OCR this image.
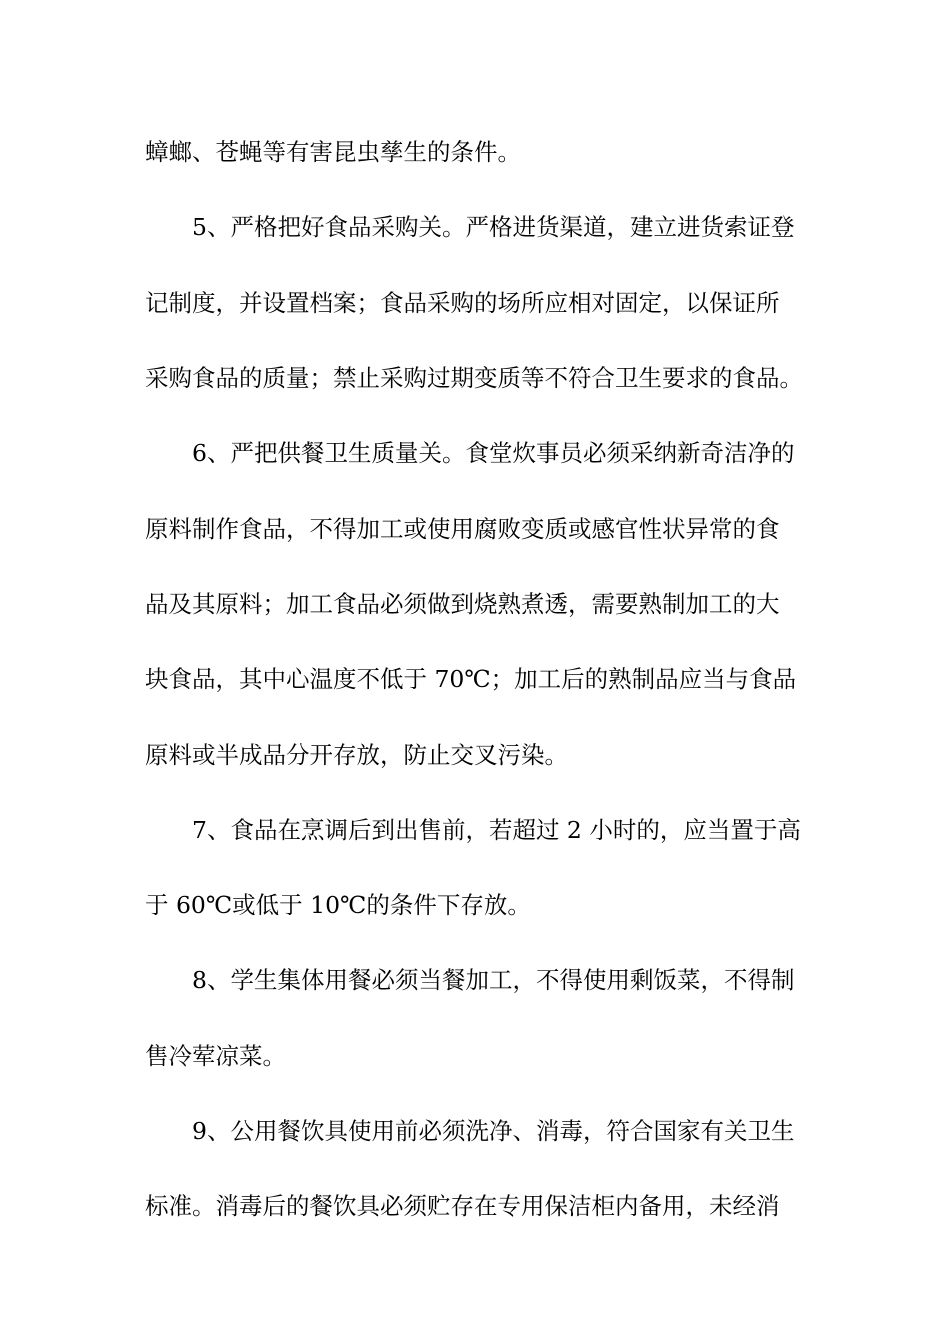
蟑螂、苍蝇等有害昆虫孳生的条件。
5、严格把好食品采购关。严格进货渠道，建立进货索证登
记制度，并设置档案；食品采购的场所应相对固定，以保证所
采购食品的质量；禁止采购过期变质等不符合卫生要求的食品。
6、严把供餐卫生质量关。食堂炊事员必须采纳新奇洁净的
原料制作食品，不得加工或使用腐败变质或感官性状异常的食
品及其原料；加工食品必须做到烧熟煮透，需要熟制加工的大
块食品，其中心温度不低于 70℃；加工后的熟制品应当与食品
原料或半成品分开存放，防止交叉污染。
7、食品在烹调后到出售前，若超过 2 小时的，应当置于高
于 60℃或低于 10℃的条件下存放。
8、学生集体用餐必须当餐加工，不得使用剩饭菜，不得制
售冷荤凉菜。
9、公用餐饮具使用前必须洗净、消毒，符合国家有关卫生
标准。消毒后的餐饮具必须贮存在专用保洁柜内备用，未经消
